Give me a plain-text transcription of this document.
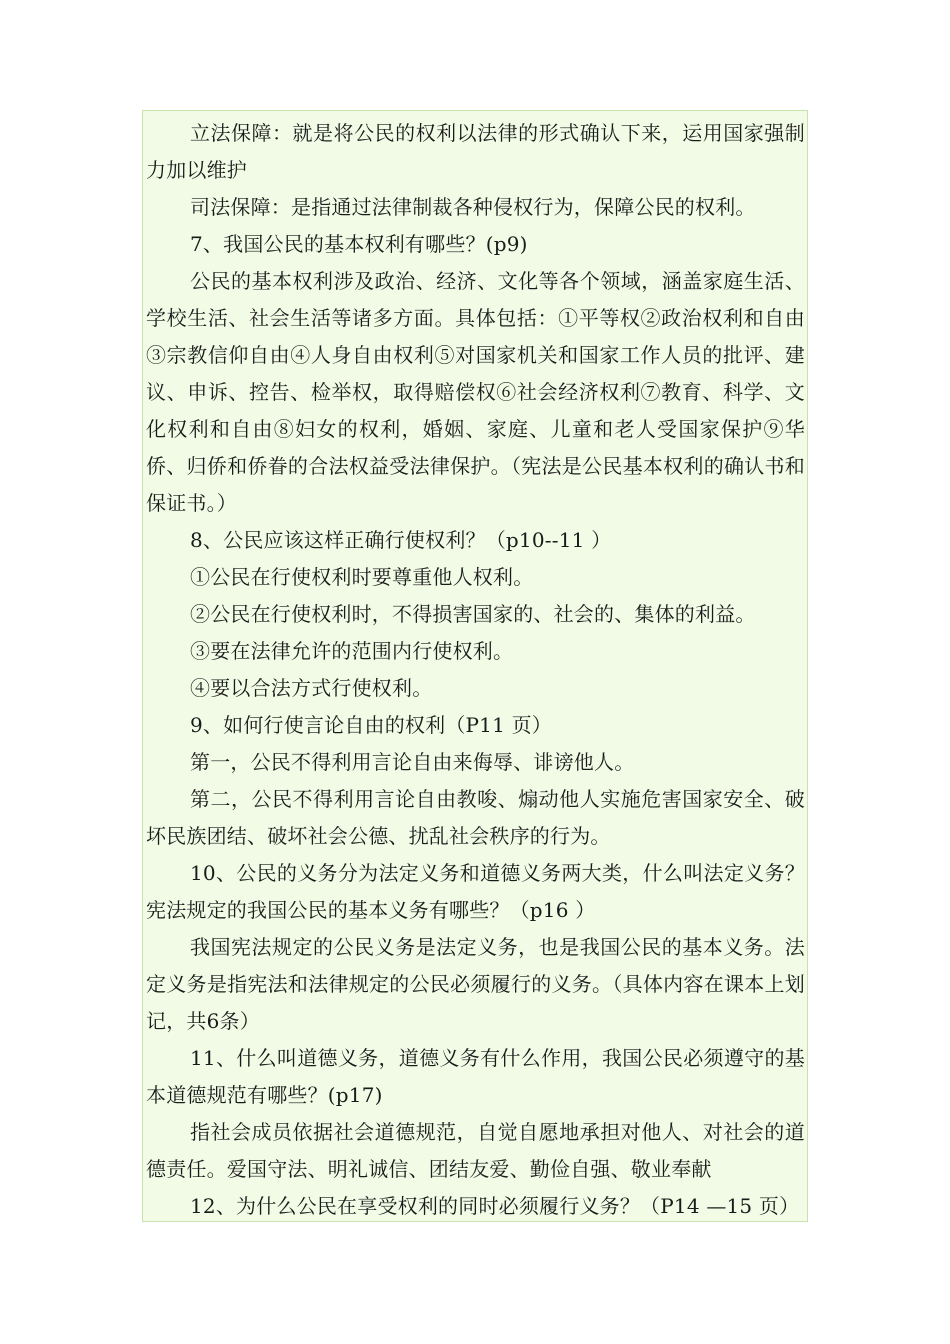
立法保障：就是将公民的权利以法律的形式确认下来，运用国家强制力加以维护

司法保障：是指通过法律制裁各种侵权行为，保障公民的权利。

7、我国公民的基本权利有哪些？(p9)

公民的基本权利涉及政治、经济、文化等各个领域，涵盖家庭生活、学校生活、社会生活等诸多方面。具体包括：①平等权②政治权利和自由③宗教信仰自由④人身自由权利⑤对国家机关和国家工作人员的批评、建议、申诉、控告、检举权，取得赔偿权⑥社会经济权利⑦教育、科学、文化权利和自由⑧妇女的权利，婚姻、家庭、儿童和老人受国家保护⑨华侨、归侨和侨眷的合法权益受法律保护。（宪法是公民基本权利的确认书和保证书。）

8、公民应该这样正确行使权利？（p10--11 ）

①公民在行使权利时要尊重他人权利。

②公民在行使权利时，不得损害国家的、社会的、集体的利益。

③要在法律允许的范围内行使权利。

④要以合法方式行使权利。

9、如何行使言论自由的权利（P11 页）

第一，公民不得利用言论自由来侮辱、诽谤他人。

第二，公民不得利用言论自由教唆、煽动他人实施危害国家安全、破坏民族团结、破坏社会公德、扰乱社会秩序的行为。

10、公民的义务分为法定义务和道德义务两大类，什么叫法定义务？宪法规定的我国公民的基本义务有哪些？（p16 ）

我国宪法规定的公民义务是法定义务，也是我国公民的基本义务。法定义务是指宪法和法律规定的公民必须履行的义务。（具体内容在课本上划记，共6条）

11、什么叫道德义务，道德义务有什么作用，我国公民必须遵守的基本道德规范有哪些？(p17)

指社会成员依据社会道德规范，自觉自愿地承担对他人、对社会的道德责任。爱国守法、明礼诚信、团结友爱、勤俭自强、敬业奉献

12、为什么公民在享受权利的同时必须履行义务？（P14 —15 页）
